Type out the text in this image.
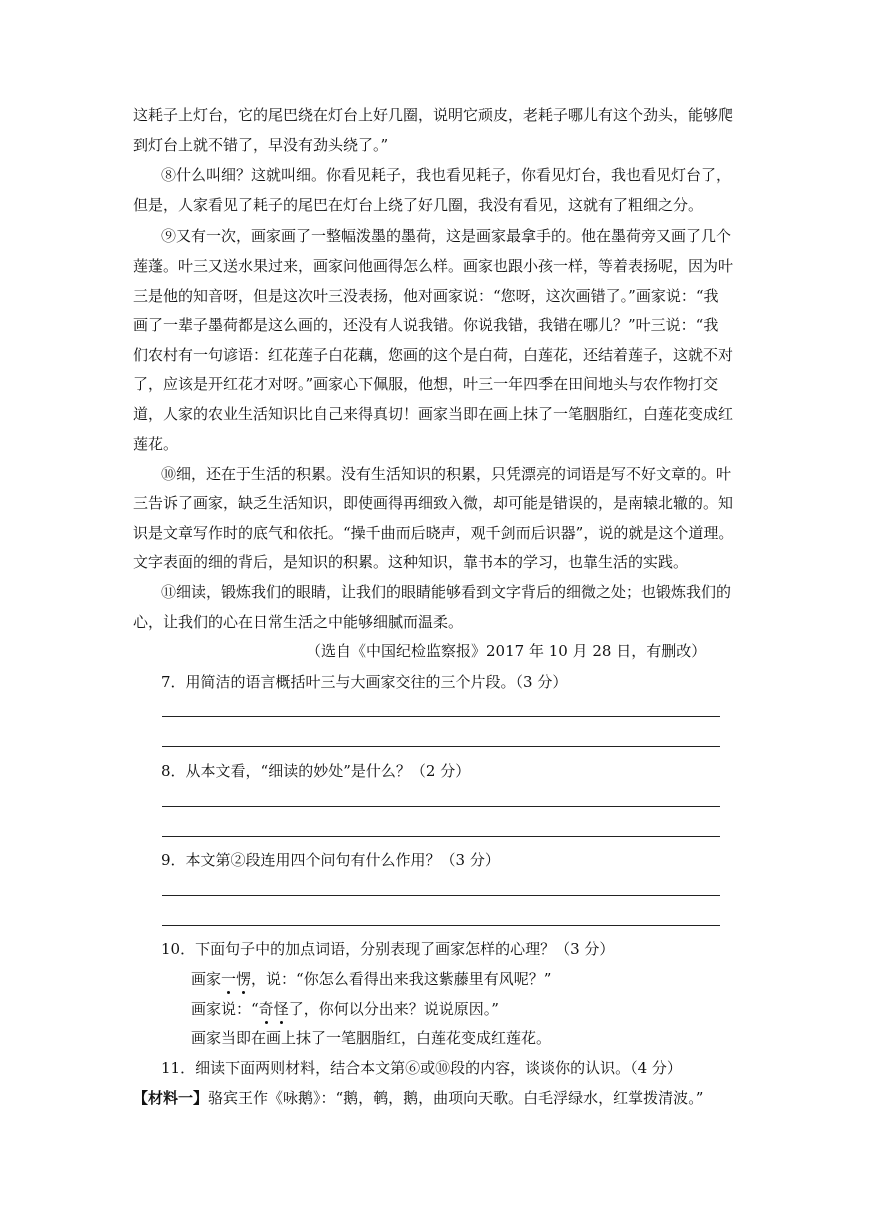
这耗子上灯台，它的尾巴绕在灯台上好几圈，说明它顽皮，老耗子哪儿有这个劲头，能够爬
到灯台上就不错了，早没有劲头绕了。”
⑧什么叫细？这就叫细。你看见耗子，我也看见耗子，你看见灯台，我也看见灯台了，
但是，人家看见了耗子的尾巴在灯台上绕了好几圈，我没有看见，这就有了粗细之分。
⑨又有一次，画家画了一整幅泼墨的墨荷，这是画家最拿手的。他在墨荷旁又画了几个
莲蓬。叶三又送水果过来，画家问他画得怎么样。画家也跟小孩一样，等着表扬呢，因为叶
三是他的知音呀，但是这次叶三没表扬，他对画家说：“您呀，这次画错了。”画家说：“我
画了一辈子墨荷都是这么画的，还没有人说我错。你说我错，我错在哪儿？”叶三说：“我
们农村有一句谚语：红花莲子白花藕，您画的这个是白荷，白莲花，还结着莲子，这就不对
了，应该是开红花才对呀。”画家心下佩服，他想，叶三一年四季在田间地头与农作物打交
道，人家的农业生活知识比自己来得真切！画家当即在画上抹了一笔胭脂红，白莲花变成红
莲花。
⑩细，还在于生活的积累。没有生活知识的积累，只凭漂亮的词语是写不好文章的。叶
三告诉了画家，缺乏生活知识，即使画得再细致入微，却可能是错误的，是南辕北辙的。知
识是文章写作时的底气和依托。“操千曲而后晓声，观千剑而后识器”，说的就是这个道理。
文字表面的细的背后，是知识的积累。这种知识，靠书本的学习，也靠生活的实践。
⑪细读，锻炼我们的眼睛，让我们的眼睛能够看到文字背后的细微之处；也锻炼我们的
心，让我们的心在日常生活之中能够细腻而温柔。
（选自《中国纪检监察报》2017 年 10 月 28 日，有删改）
7．用简洁的语言概括叶三与大画家交往的三个片段。（3 分）
8．从本文看，“细读的妙处”是什么？（2 分）
9．本文第②段连用四个问句有什么作用？（3 分）
10．下面句子中的加点词语，分别表现了画家怎样的心理？（3 分）
画家一愣，说：“你怎么看得出来我这紫藤里有风呢？”
画家说：“奇怪了，你何以分出来？说说原因。”
画家当即在画上抹了一笔胭脂红，白莲花变成红莲花。
11．细读下面两则材料，结合本文第⑥或⑩段的内容，谈谈你的认识。（4 分）
【材料一】骆宾王作《咏鹅》：“鹅，鹌，鹅，曲项向天歌。白毛浮绿水，红掌拨清波。”
